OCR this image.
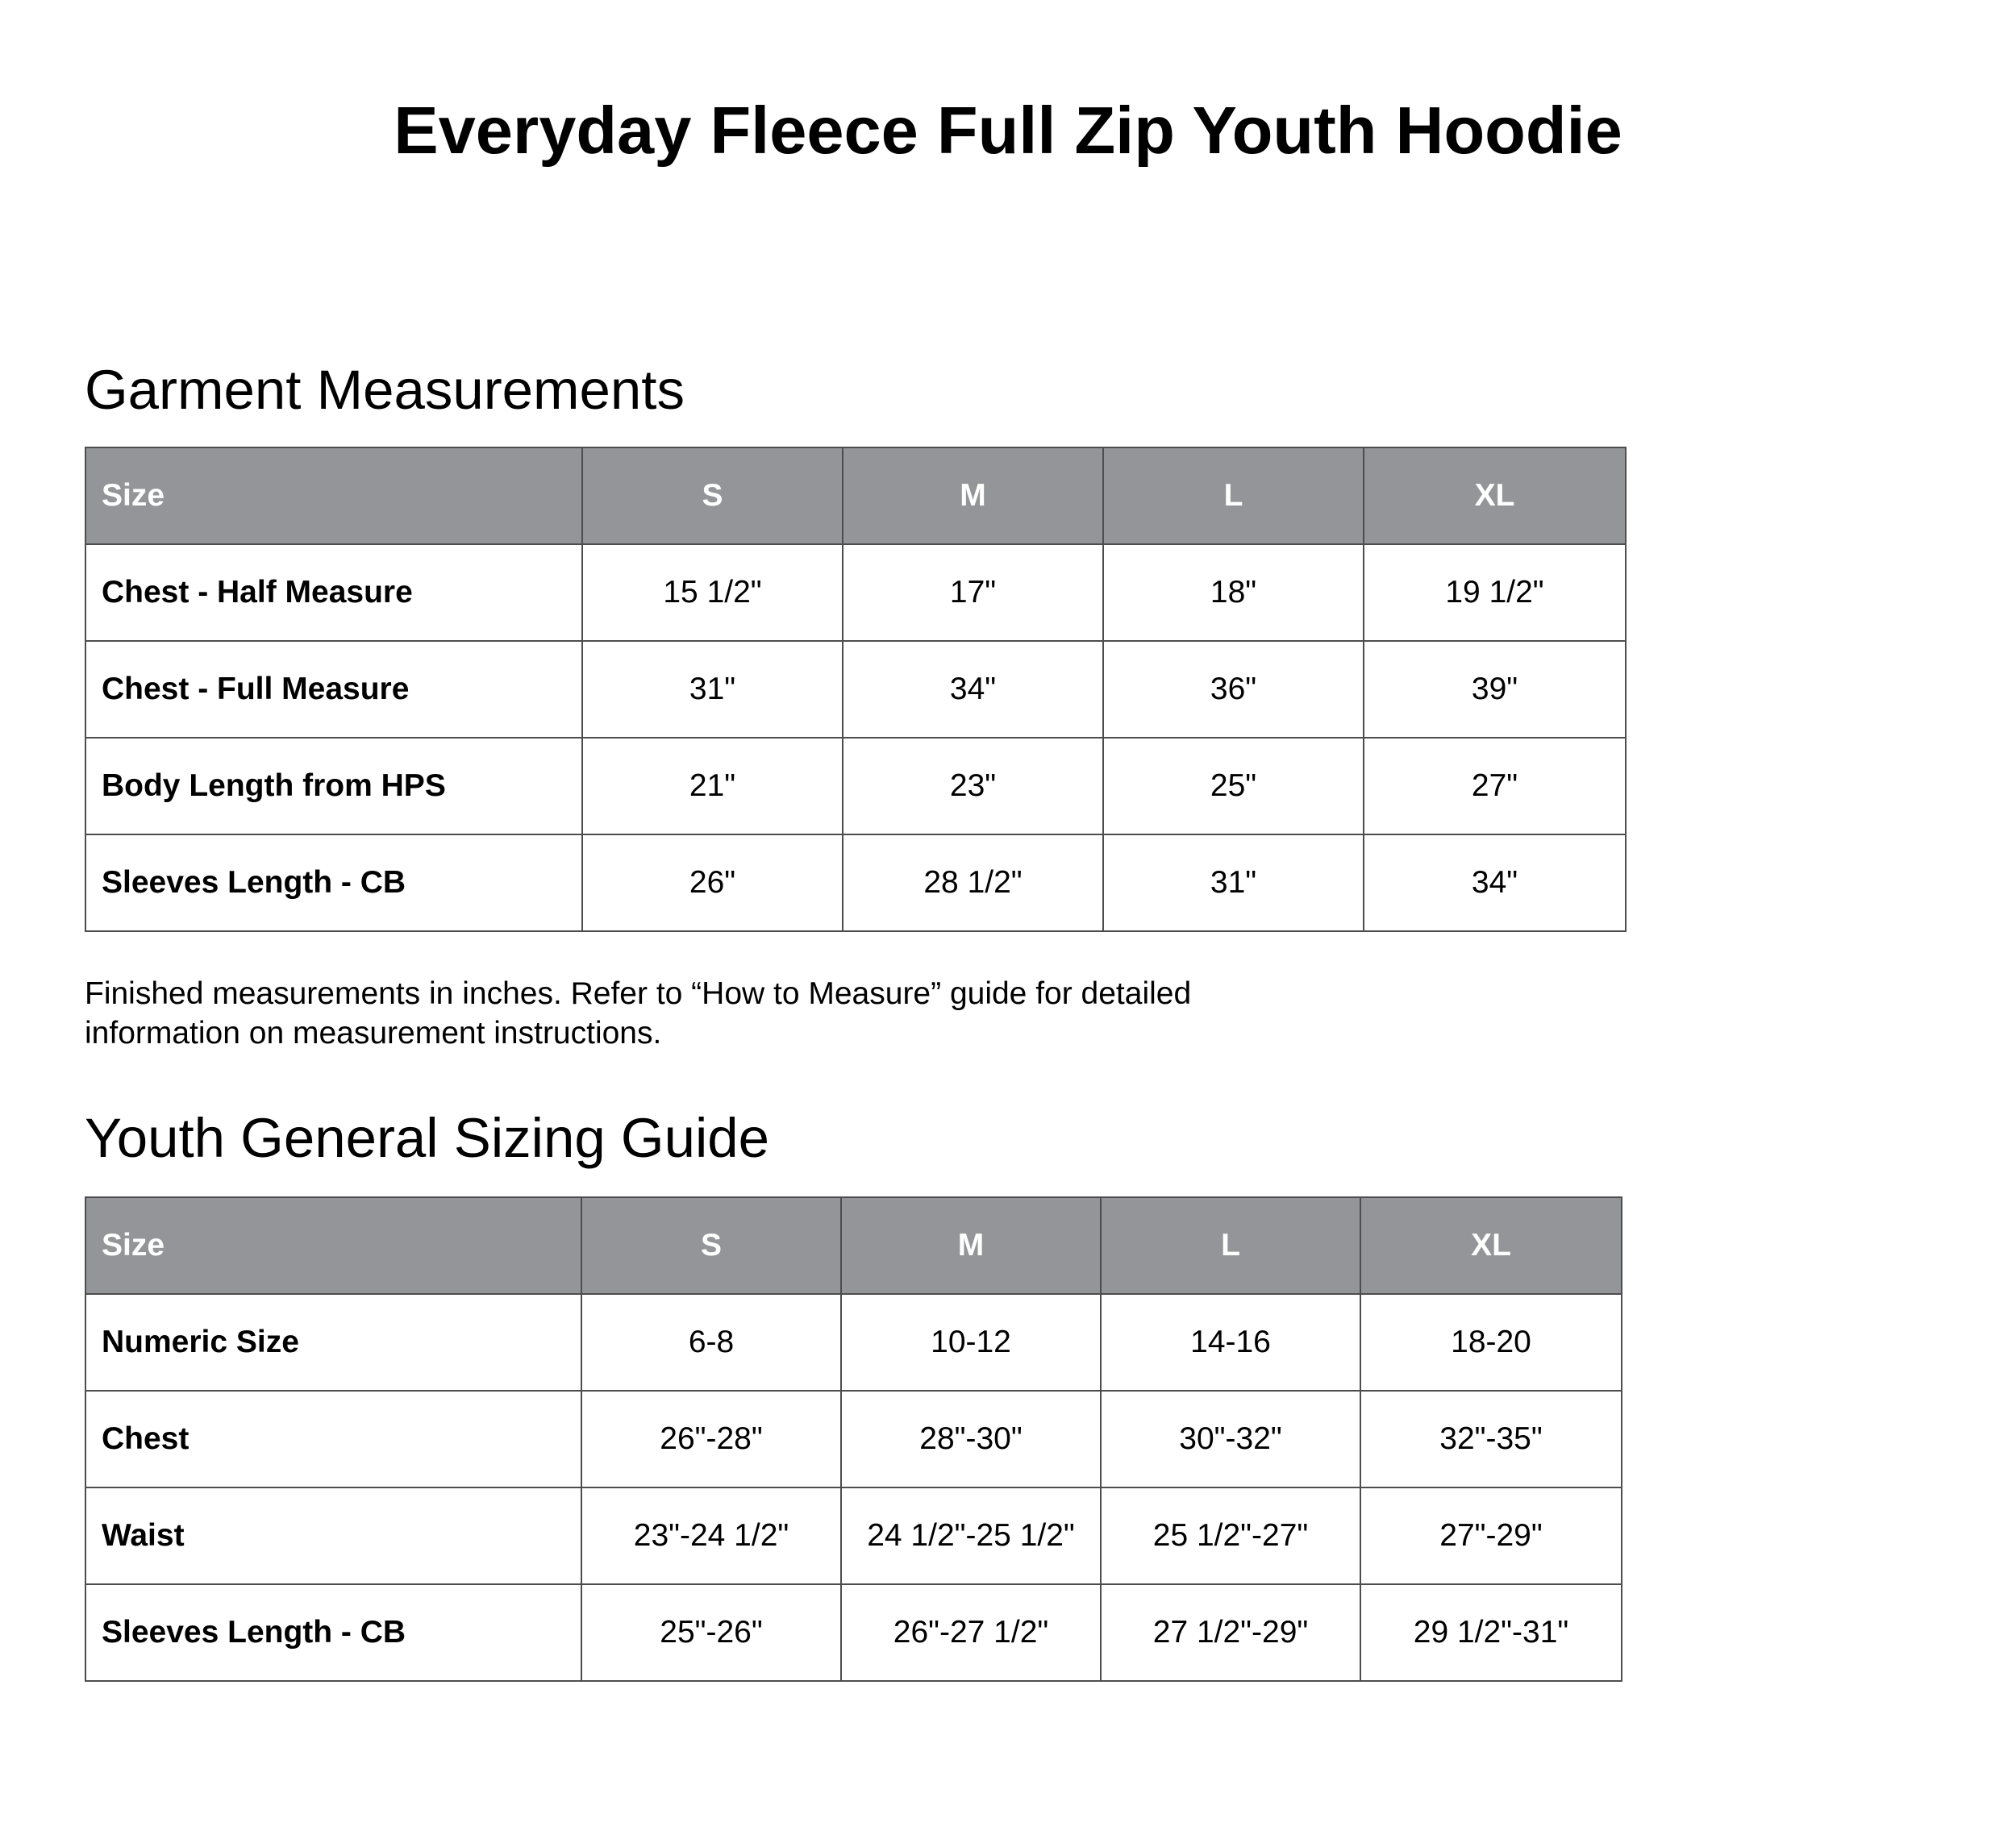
Everyday Fleece Full Zip Youth Hoodie
Garment Measurements
Size	S	M	L	XL
Chest - Half Measure	15 1/2"	17"	18"	19 1/2"
Chest - Full Measure	31"	34"	36"	39"
Body Length from HPS	21"	23"	25"	27"
Sleeves Length - CB	26"	28 1/2"	31"	34"

Finished measurements in inches. Refer to “How to Measure” guide for detailed
information on measurement instructions.

Youth General Sizing Guide
Size	S	M	L	XL
Numeric Size	6-8	10-12	14-16	18-20
Chest	26"-28"	28"-30"	30"-32"	32"-35"
Waist	23"-24 1/2"	24 1/2"-25 1/2"	25 1/2"-27"	27"-29"
Sleeves Length - CB	25"-26"	26"-27 1/2"	27 1/2"-29"	29 1/2"-31"
